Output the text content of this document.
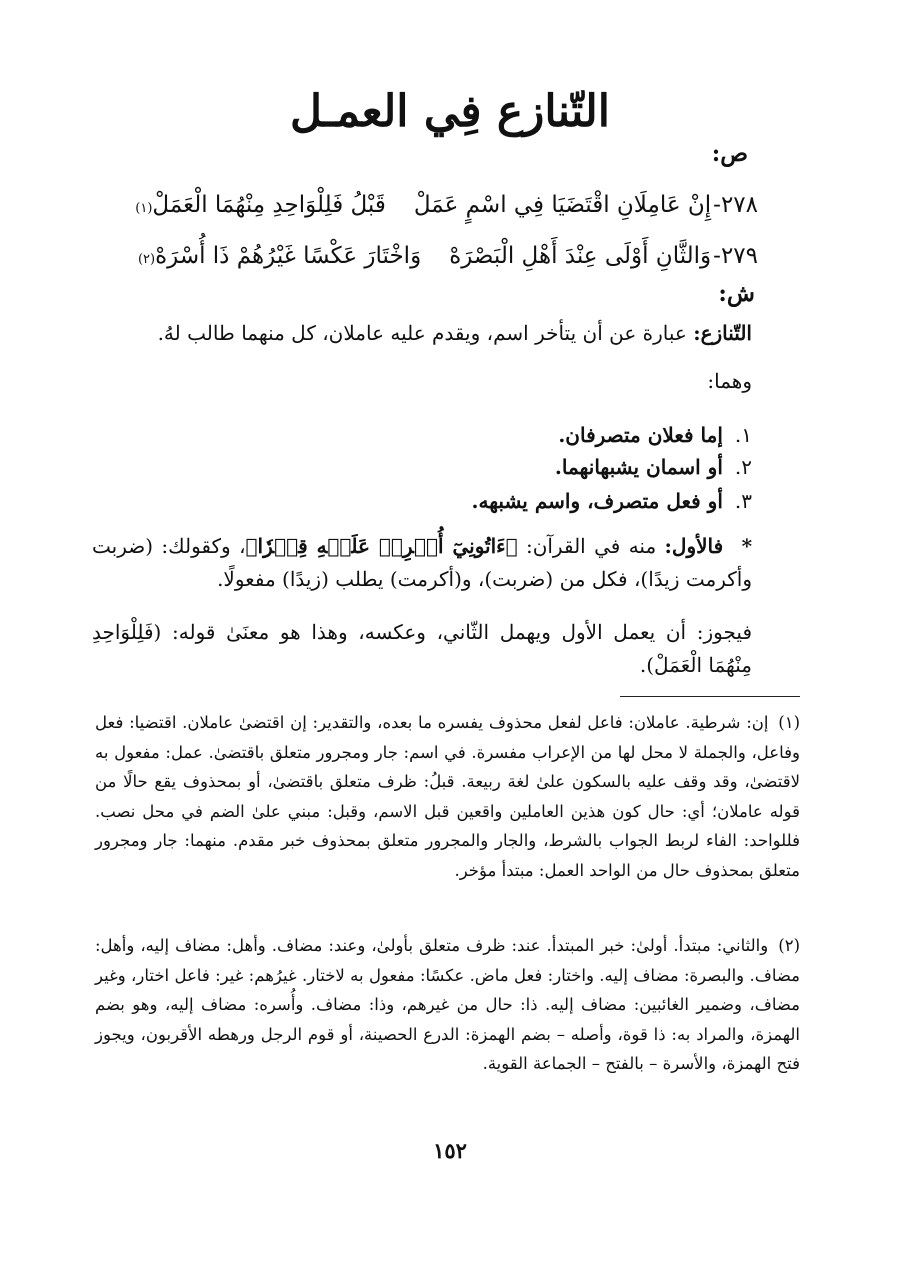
التّنازع فِي العمـل
ص:
٢٧٨-
إِنْ عَامِلَانِ اقْتَضَيَا فِي اسْمٍ عَمَلْ
قَبْلُ فَلِلْوَاحِدِ مِنْهُمَا الْعَمَلْ
(١)
٢٧٩-
وَالثَّانِ أَوْلَى عِنْدَ أَهْلِ الْبَصْرَهْ
وَاخْتَارَ عَكْسًا غَيْرُهُمْ ذَا أُسْرَهْ
(٢)
ش:
التّنازع: عبارة عن أن يتأخر اسم، ويقدم عليه عاملان، كل منهما طالب لهُ.
وهما:
١.
إما فعلان متصرفان.
٢.
أو اسمان يشبهانهما.
٣.
أو فعل متصرف، واسم يشبهه.
* فالأول: منه في القرآن: ﴿ءَاتُونِيٓ أُفۡرِغۡ عَلَيۡهِ قِطۡرٗا﴾، وكقولك: (ضربت وأكرمت زيدًا)، فكل من (ضربت)، و(أكرمت) يطلب (زيدًا) مفعولًا.
فيجوز: أن يعمل الأول ويهمل الثّاني، وعكسه، وهذا هو معنَىٰ قوله: (فَلِلْوَاحِدِ مِنْهُمَا الْعَمَلْ).
(١) إن: شرطية. عاملان: فاعل لفعل محذوف يفسره ما بعده، والتقدير: إن اقتضىٰ عاملان. اقتضيا: فعل وفاعل، والجملة لا محل لها من الإعراب مفسرة. في اسم: جار ومجرور متعلق باقتضىٰ. عمل: مفعول به لاقتضىٰ، وقد وقف عليه بالسكون علىٰ لغة ربيعة. قبلُ: ظرف متعلق باقتضىٰ، أو بمحذوف يقع حالًا من قوله عاملان؛ أي: حال كون هذين العاملين واقعين قبل الاسم، وقبل: مبني علىٰ الضم في محل نصب. فللواحد: الفاء لربط الجواب بالشرط، والجار والمجرور متعلق بمحذوف خبر مقدم. منهما: جار ومجرور متعلق بمحذوف حال من الواحد العمل: مبتدأ مؤخر.
(٢) والثاني: مبتدأ. أولىٰ: خبر المبتدأ. عند: ظرف متعلق بأولىٰ، وعند: مضاف. وأهل: مضاف إليه، وأهل: مضاف. والبصرة: مضاف إليه. واختار: فعل ماض. عكسًا: مفعول به لاختار. غيرُهم: غير: فاعل اختار، وغير مضاف، وضمير الغائبين: مضاف إليه. ذا: حال من غيرهم، وذا: مضاف. وأُسره: مضاف إليه، وهو بضم الهمزة، والمراد به: ذا قوة، وأصله – بضم الهمزة: الدرع الحصينة، أو قوم الرجل ورهطه الأقربون، ويجوز فتح الهمزة، والأسرة – بالفتح – الجماعة القوية.
١٥٢
